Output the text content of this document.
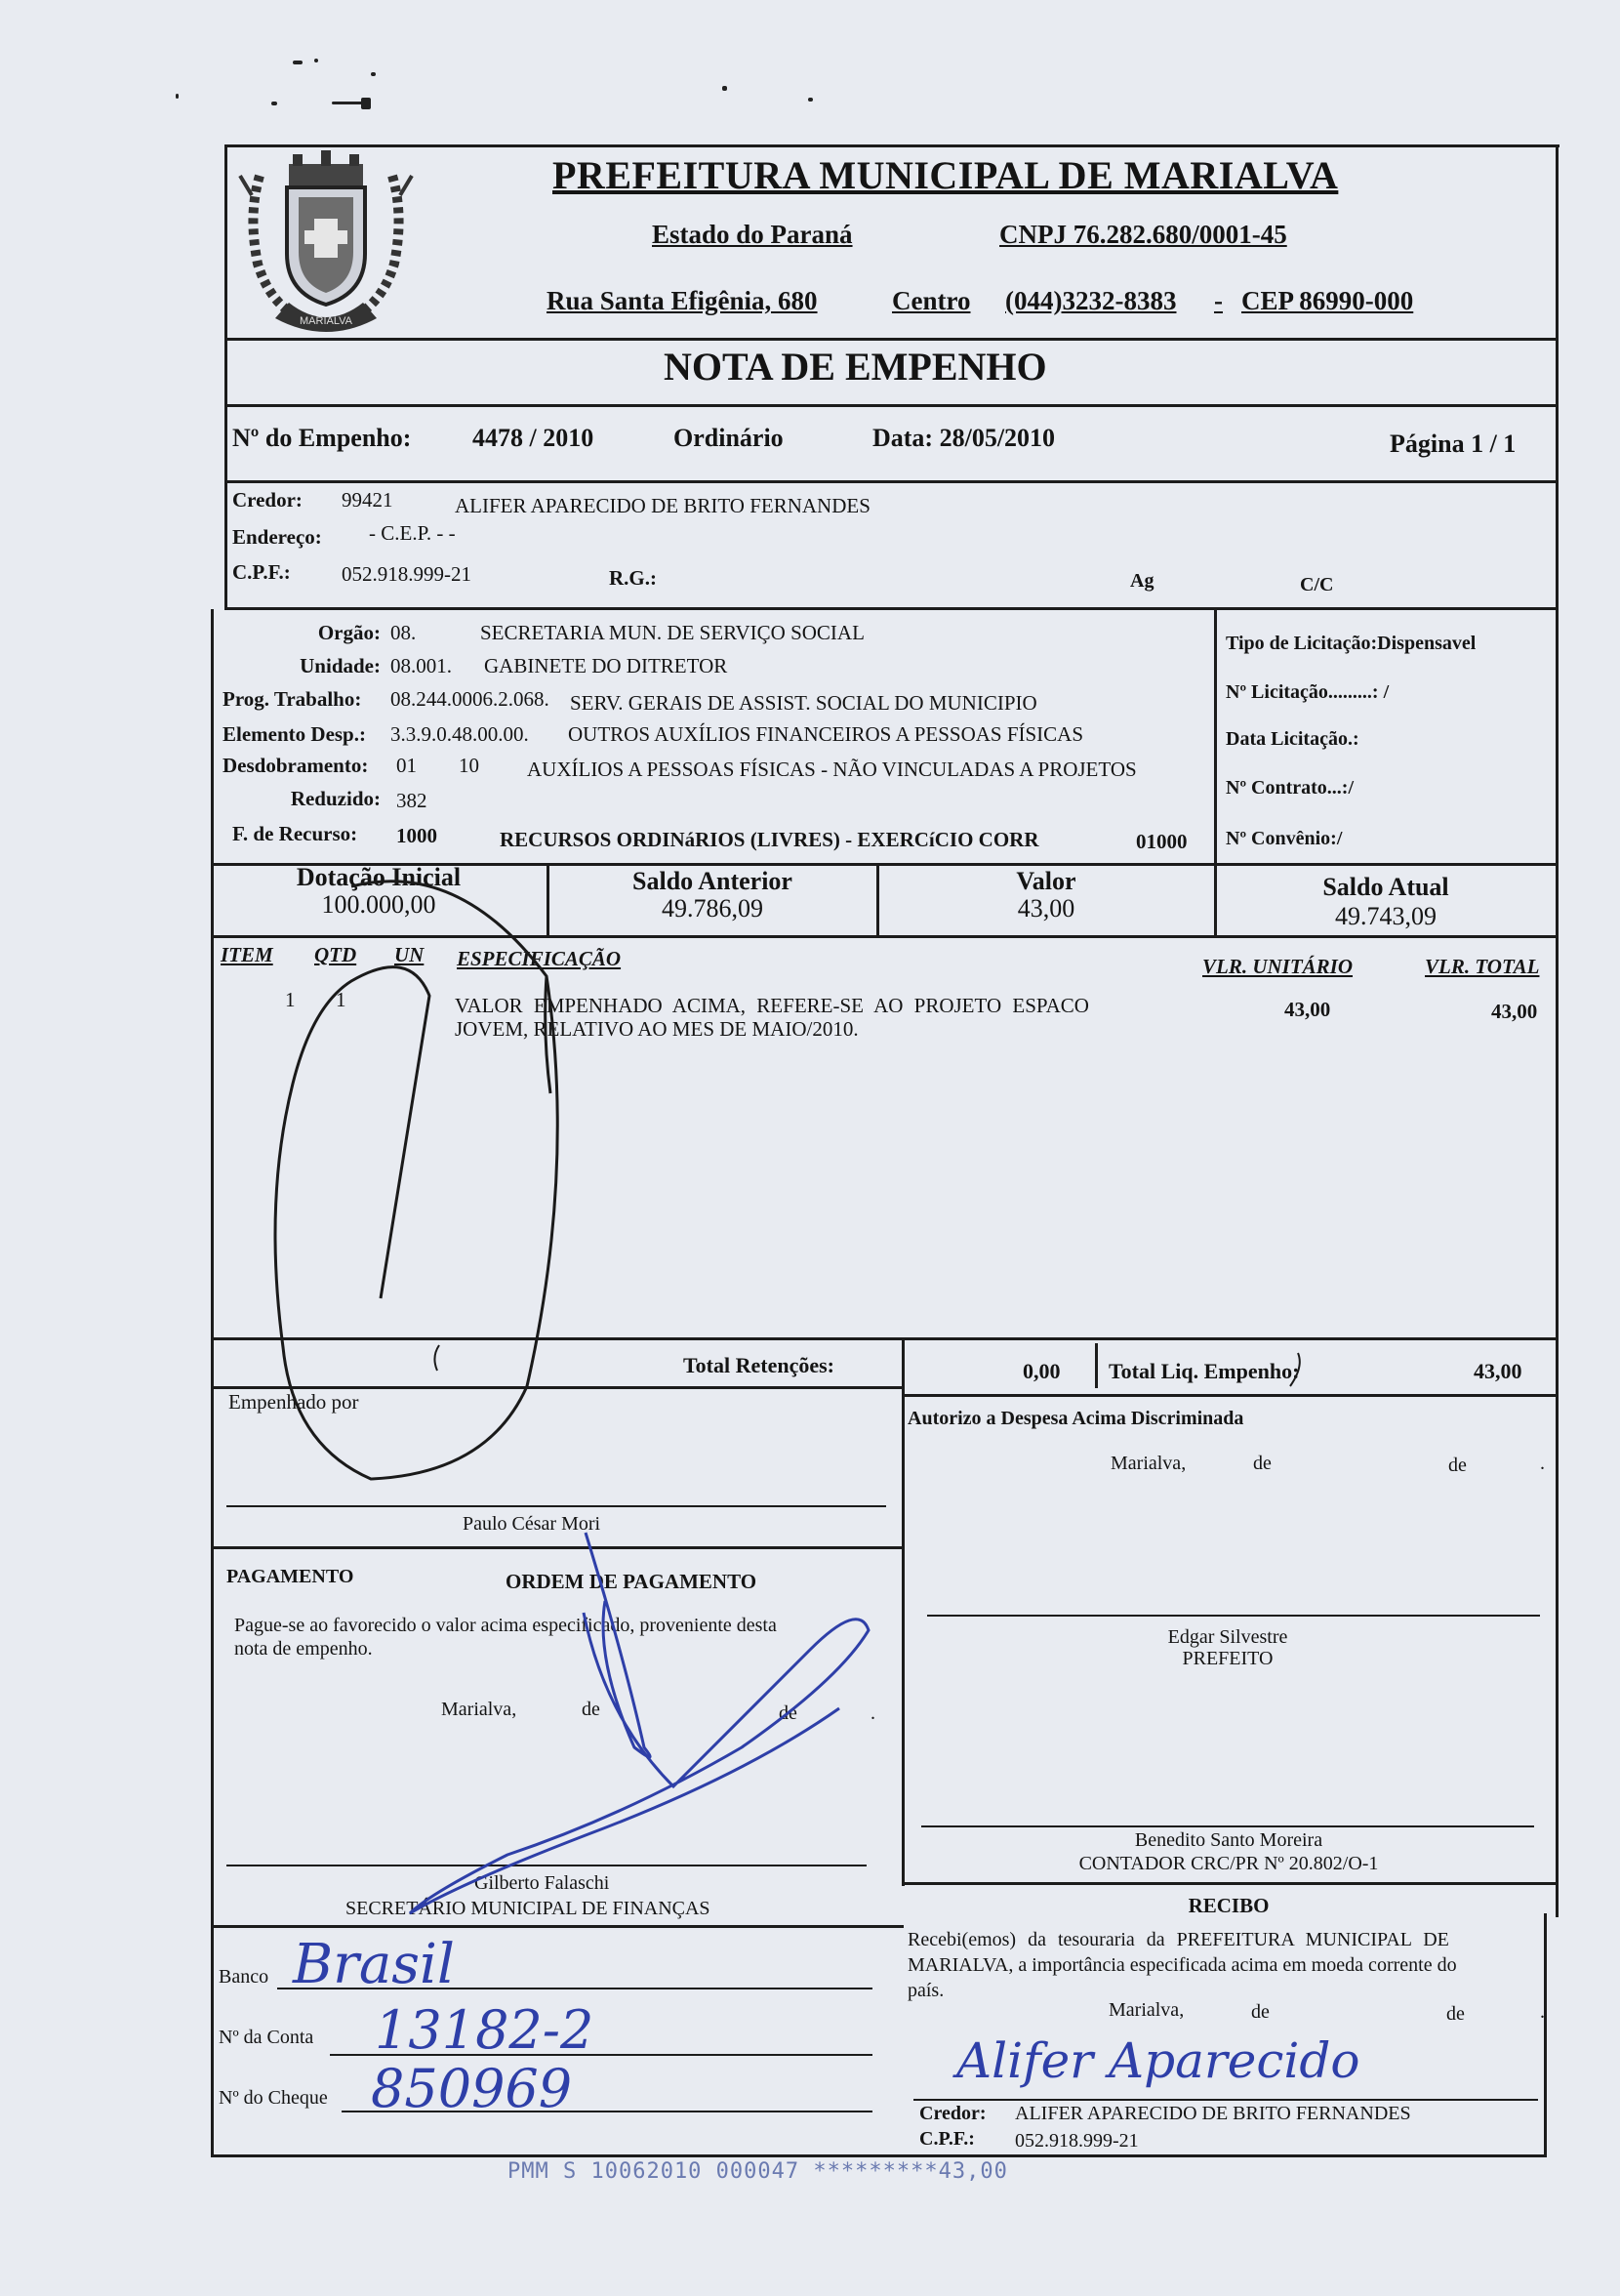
MARIALVA
PREFEITURA MUNICIPAL DE MARIALVA
Estado do Paraná	CNPJ 76.282.680/0001-45
Rua Santa Efigênia, 680	Centro (044)3232-8383 - CEP 86990-000
NOTA DE EMPENHO
Nº do Empenho: 4478 / 2010	Ordinário	Data: 28/05/2010	Página 1 / 1
Credor: 99421	ALIFER APARECIDO DE BRITO FERNANDES
Endereço: - C.E.P. - -
C.P.F.: 052.918.999-21	R.G.:	Ag	C/C
Orgão: 08.	SECRETARIA MUN. DE SERVIÇO SOCIAL
Unidade: 08.001. GABINETE DO DITRETOR
Prog. Trabalho: 08.244.0006.2.068. SERV. GERAIS DE ASSIST. SOCIAL DO MUNICIPIO
Elemento Desp.: 3.3.9.0.48.00.00. OUTROS AUXÍLIOS FINANCEIROS A PESSOAS FÍSICAS
Desdobramento: 01 10 AUXÍLIOS A PESSOAS FÍSICAS - NÃO VINCULADAS A PROJETOS
Reduzido: 382
F. de Recurso: 1000	RECURSOS ORDINáRIOS (LIVRES) - EXERCíCIO CORR	01000
Tipo de Licitação:Dispensavel
Nº Licitação.........: /
Data Licitação.:
Nº Contrato...:/
Nº Convênio:/
Dotação Inicial
100.000,00
Saldo Anterior
49.786,09
Valor
43,00
Saldo Atual
49.743,09
ITEM QTD UN ESPECIFICAÇÃO	VLR. UNITÁRIO	VLR. TOTAL
1 1	VALOR EMPENHADO ACIMA, REFERE-SE AO PROJETO ESPACO
JOVEM, RELATIVO AO MES DE MAIO/2010.
43,00	43,00
Total Retenções:	0,00 Total Liq. Empenho:	43,00
Empenhado por
Paulo César Mori
PAGAMENTO	ORDEM DE PAGAMENTO
Pague-se ao favorecido o valor acima especificado, proveniente desta
nota de empenho.
Marialva,	de	de	.
Gilberto Falaschi
SECRETÁRIO MUNICIPAL DE FINANÇAS
Banco Brasil
Nº da Conta 13182-2
Nº do Cheque 850969
Autorizo a Despesa Acima Discriminada
Marialva,	de	de	.
Edgar Silvestre
PREFEITO
Benedito Santo Moreira
CONTADOR CRC/PR Nº 20.802/O-1
RECIBO
Recebi(emos) da tesouraria da PREFEITURA MUNICIPAL DE
MARIALVA, a importância especificada acima em moeda corrente do
país.
Marialva,	de	de	.
Alifer Aparecido
Credor: ALIFER APARECIDO DE BRITO FERNANDES
C.P.F.: 052.918.999-21
PMM S 10062010 000047 *********43,00
